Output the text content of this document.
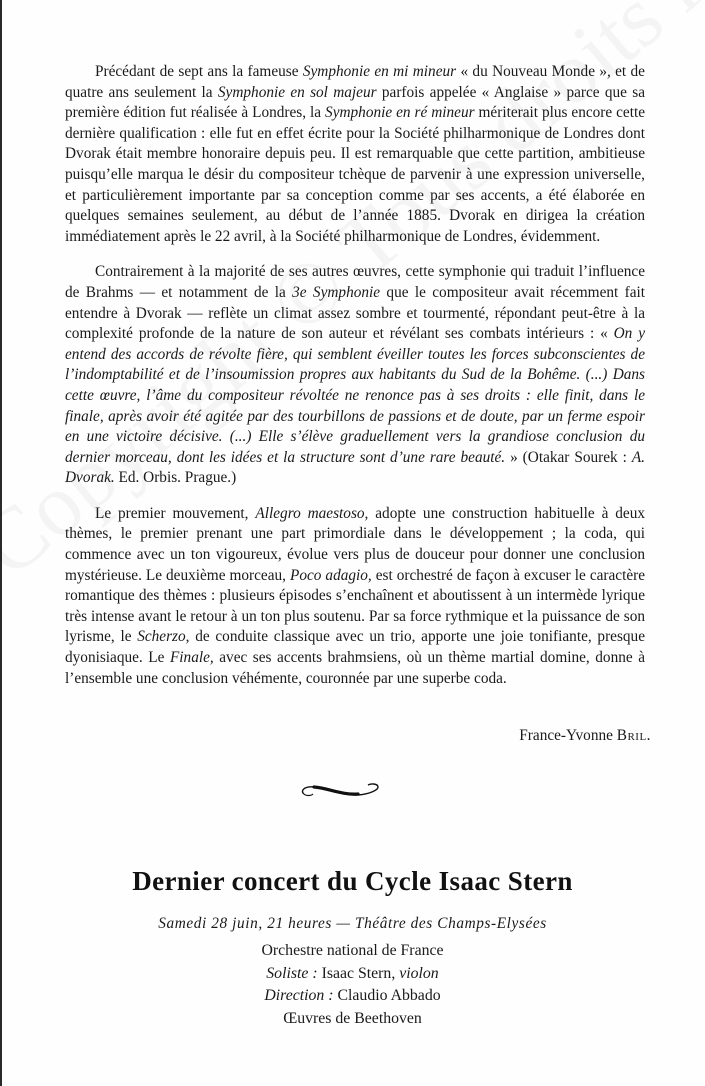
Précédant de sept ans la fameuse Symphonie en mi mineur « du Nouveau Monde », et de quatre ans seulement la Symphonie en sol majeur parfois appelée « Anglaise » parce que sa première édition fut réalisée à Londres, la Symphonie en ré mineur mériterait plus encore cette dernière qualification : elle fut en effet écrite pour la Société philharmonique de Londres dont Dvorak était membre honoraire depuis peu. Il est remarquable que cette partition, ambitieuse puisqu’elle marqua le désir du compositeur tchèque de parvenir à une expression universelle, et particulièrement importante par sa conception comme par ses accents, a été élaborée en quelques semaines seulement, au début de l’année 1885. Dvorak en dirigea la création immédiatement après le 22 avril, à la Société philharmonique de Londres, évidemment.

Contrairement à la majorité de ses autres œuvres, cette symphonie qui traduit l’influence de Brahms — et notamment de la 3e Symphonie que le compositeur avait récemment fait entendre à Dvorak — reflète un climat assez sombre et tourmenté, répondant peut-être à la complexité profonde de la nature de son auteur et révélant ses combats intérieurs : « On y entend des accords de révolte fière, qui semblent éveiller toutes les forces subconscientes de l’indomptabilité et de l’insoumission propres aux habitants du Sud de la Bohême. (...) Dans cette œuvre, l’âme du compositeur révoltée ne renonce pas à ses droits : elle finit, dans le finale, après avoir été agitée par des tourbillons de passions et de doute, par un ferme espoir en une victoire décisive. (...) Elle s’élève graduellement vers la grandiose conclusion du dernier morceau, dont les idées et la structure sont d’une rare beauté. » (Otakar Sourek : A. Dvorak. Ed. Orbis. Prague.)

Le premier mouvement, Allegro maestoso, adopte une construction habituelle à deux thèmes, le premier prenant une part primordiale dans le développement ; la coda, qui commence avec un ton vigoureux, évolue vers plus de douceur pour donner une conclusion mystérieuse. Le deuxième morceau, Poco adagio, est orchestré de façon à excuser le caractère romantique des thèmes : plusieurs épisodes s’enchaînent et aboutissent à un intermède lyrique très intense avant le retour à un ton plus soutenu. Par sa force rythmique et la puissance de son lyrisme, le Scherzo, de conduite classique avec un trio, apporte une joie tonifiante, presque dyonisiaque. Le Finale, avec ses accents brahmsiens, où un thème martial domine, donne à l’ensemble une conclusion véhémente, couronnée par une superbe coda.

France-Yvonne Bril.
Dernier concert du Cycle Isaac Stern
Samedi 28 juin, 21 heures — Théâtre des Champs-Elysées
Orchestre national de France
Soliste : Isaac Stern, violon
Direction : Claudio Abbado
Œuvres de Beethoven
